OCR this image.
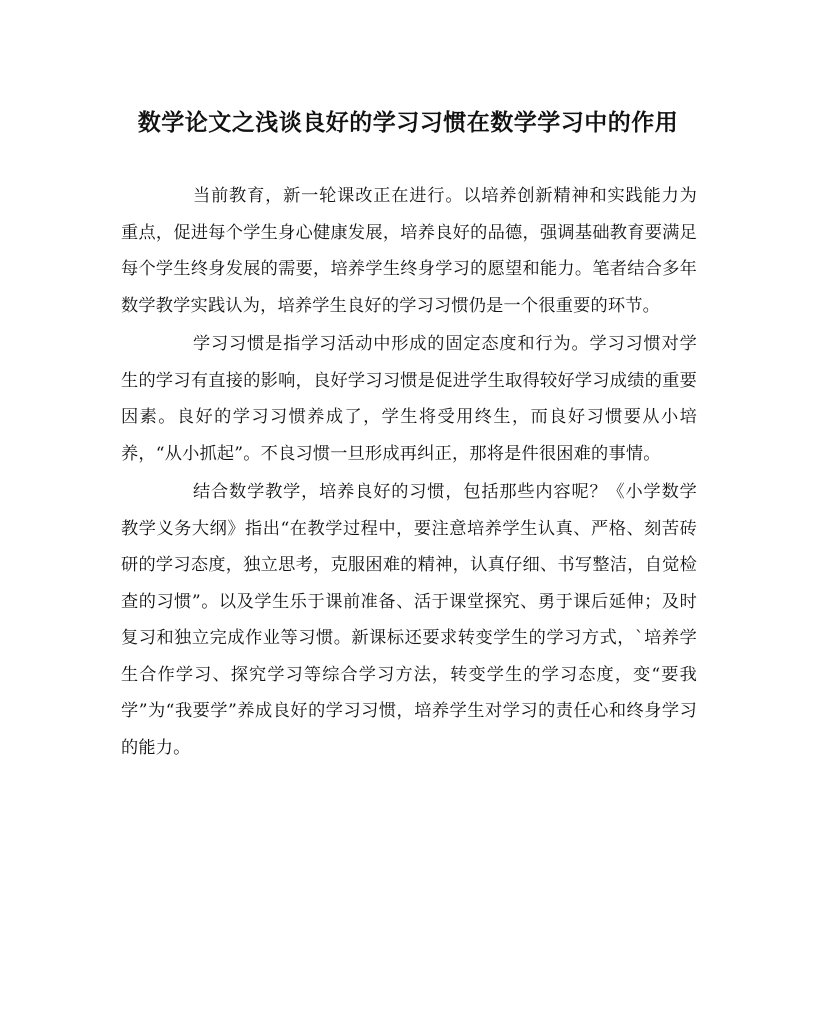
数学论文之浅谈良好的学习习惯在数学学习中的作用

当前教育，新一轮课改正在进行。以培养创新精神和实践能力为重点，促进每个学生身心健康发展，培养良好的品德，强调基础教育要满足每个学生终身发展的需要，培养学生终身学习的愿望和能力。笔者结合多年数学教学实践认为，培养学生良好的学习习惯仍是一个很重要的环节。

学习习惯是指学习活动中形成的固定态度和行为。学习习惯对学生的学习有直接的影响，良好学习习惯是促进学生取得较好学习成绩的重要因素。良好的学习习惯养成了，学生将受用终生，而良好习惯要从小培养，“从小抓起”。不良习惯一旦形成再纠正，那将是件很困难的事情。

结合数学教学，培养良好的习惯，包括那些内容呢？《小学数学教学义务大纲》指出“在教学过程中，要注意培养学生认真、严格、刻苦砖研的学习态度，独立思考，克服困难的精神，认真仔细、书写整洁，自觉检查的习惯”。以及学生乐于课前准备、活于课堂探究、勇于课后延伸；及时复习和独立完成作业等习惯。新课标还要求转变学生的学习方式，`培养学生合作学习、探究学习等综合学习方法，转变学生的学习态度，变“要我学”为“我要学”养成良好的学习习惯，培养学生对学习的责任心和终身学习的能力。
